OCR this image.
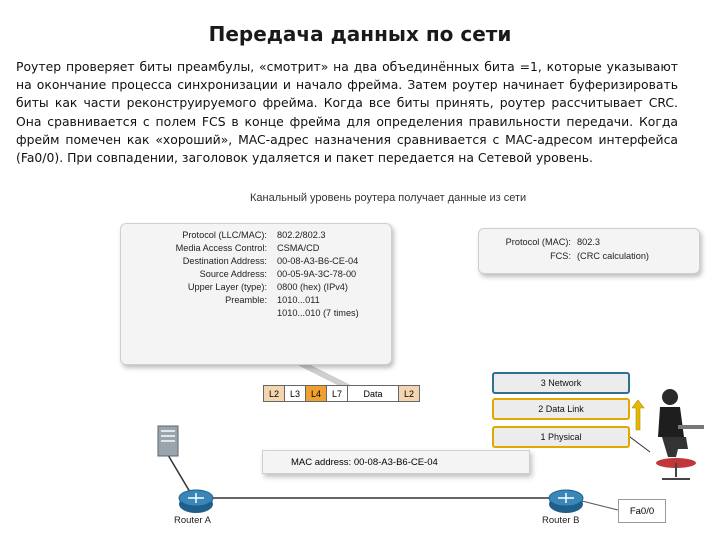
Передача данных по сети
Роутер проверяет биты преамбулы, «смотрит» на два объединённых бита =1, которые указывают на окончание процесса синхронизации и начало фрейма. Затем роутер начинает буферизировать биты как части реконструируемого фрейма. Когда все биты принять, роутер рассчитывает CRC. Она сравнивается с полем FCS в конце фрейма для определения правильности передачи. Когда фрейм помечен как «хороший», MAC-адрес назначения сравнивается с MAC-адресом интерфейса (Fa0/0). При совпадении, заголовок удаляется и пакет передается на Сетевой уровень.
Канальный уровень роутера получает данные из сети
Protocol (LLC/MAC): 802.2/802.3
Media Access Control: CSMA/CD
Destination Address: 00-08-A3-B6-CE-04
Source Address: 00-05-9A-3C-78-00
Upper Layer (type): 0800 (hex) (IPv4)
Preamble: 1010...011
1010...010 (7 times)
Protocol (MAC): 802.3
FCS: (CRC calculation)
L2	L3	L4	L7	Data	L2
3 Network
2 Data Link
1 Physical
MAC address: 00-08-A3-B6-CE-04
Router A	Router B
Fa0/0
